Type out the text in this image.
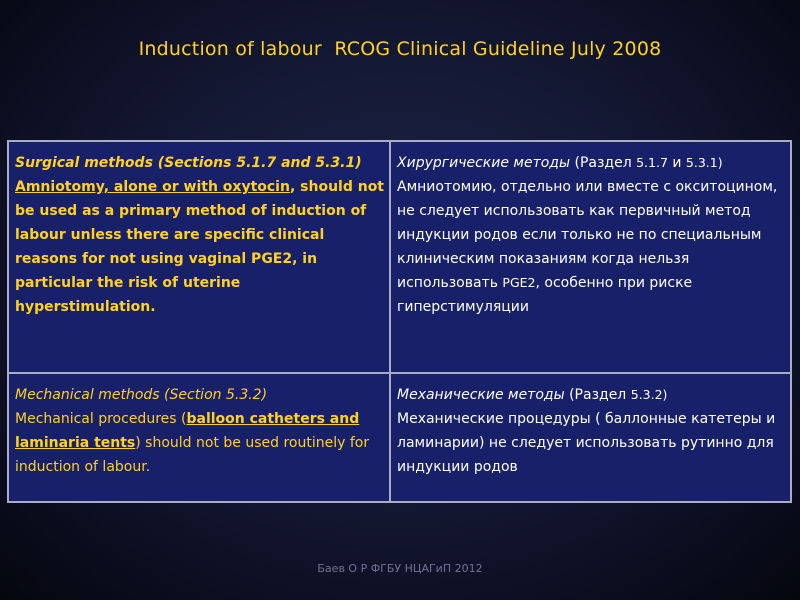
Induction of labour  RCOG Clinical Guideline July 2008
Surgical methods (Sections 5.1.7 and 5.3.1)
Amniotomy, alone or with oxytocin, should not be used as a primary method of induction of labour unless there are specific clinical reasons for not using vaginal PGE2, in particular the risk of uterine hyperstimulation.
Хирургические методы (Раздел 5.1.7 и 5.3.1)
Амниотомию, отдельно или вместе с окситоцином, не следует использовать как первичный метод индукции родов если только не по специальным клиническим показаниям когда нельзя использовать PGE2, особенно при риске гиперстимуляции
Mechanical methods (Section 5.3.2)
Mechanical procedures (balloon catheters and laminaria tents) should not be used routinely for induction of labour.
Механические методы (Раздел 5.3.2)
Механические процедуры ( баллонные катетеры и ламинарии) не следует использовать рутинно для индукции родов
Баев О Р ФГБУ НЦАГиП 2012
